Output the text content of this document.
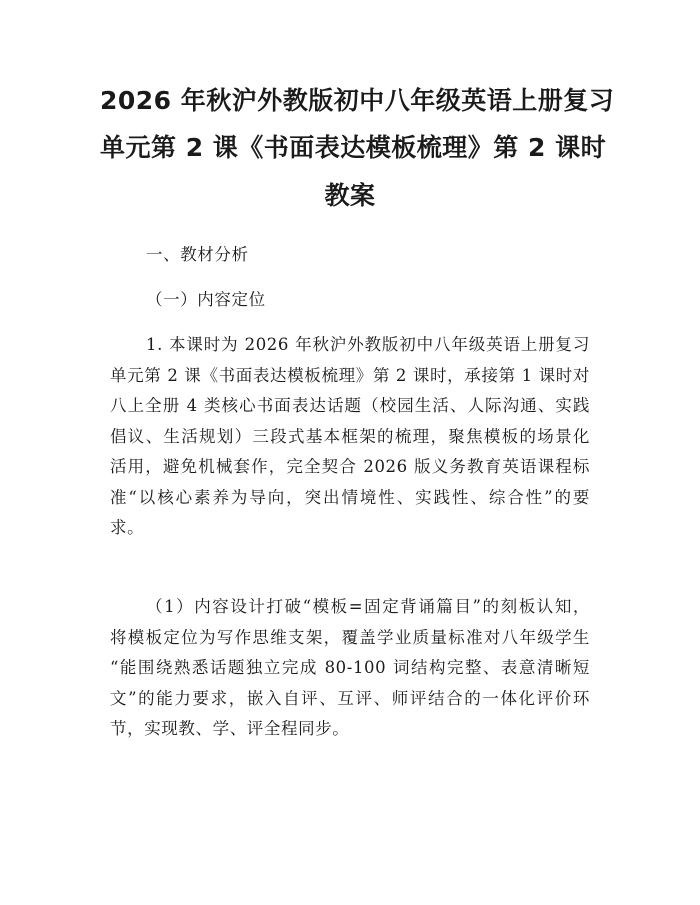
2026 年秋沪外教版初中八年级英语上册复习
单元第 2 课《书面表达模板梳理》第 2 课时
教案
一、教材分析
（一）内容定位
1. 本课时为 2026 年秋沪外教版初中八年级英语上册复习
单元第 2 课《书面表达模板梳理》第 2 课时，承接第 1 课时对
八上全册 4 类核心书面表达话题（校园生活、人际沟通、实践
倡议、生活规划）三段式基本框架的梳理，聚焦模板的场景化
活用，避免机械套作，完全契合 2026 版义务教育英语课程标
准“以核心素养为导向，突出情境性、实践性、综合性”的要
求。
（1）内容设计打破“模板=固定背诵篇目”的刻板认知，
将模板定位为写作思维支架，覆盖学业质量标准对八年级学生
“能围绕熟悉话题独立完成 80-100 词结构完整、表意清晰短
文”的能力要求，嵌入自评、互评、师评结合的一体化评价环
节，实现教、学、评全程同步。
